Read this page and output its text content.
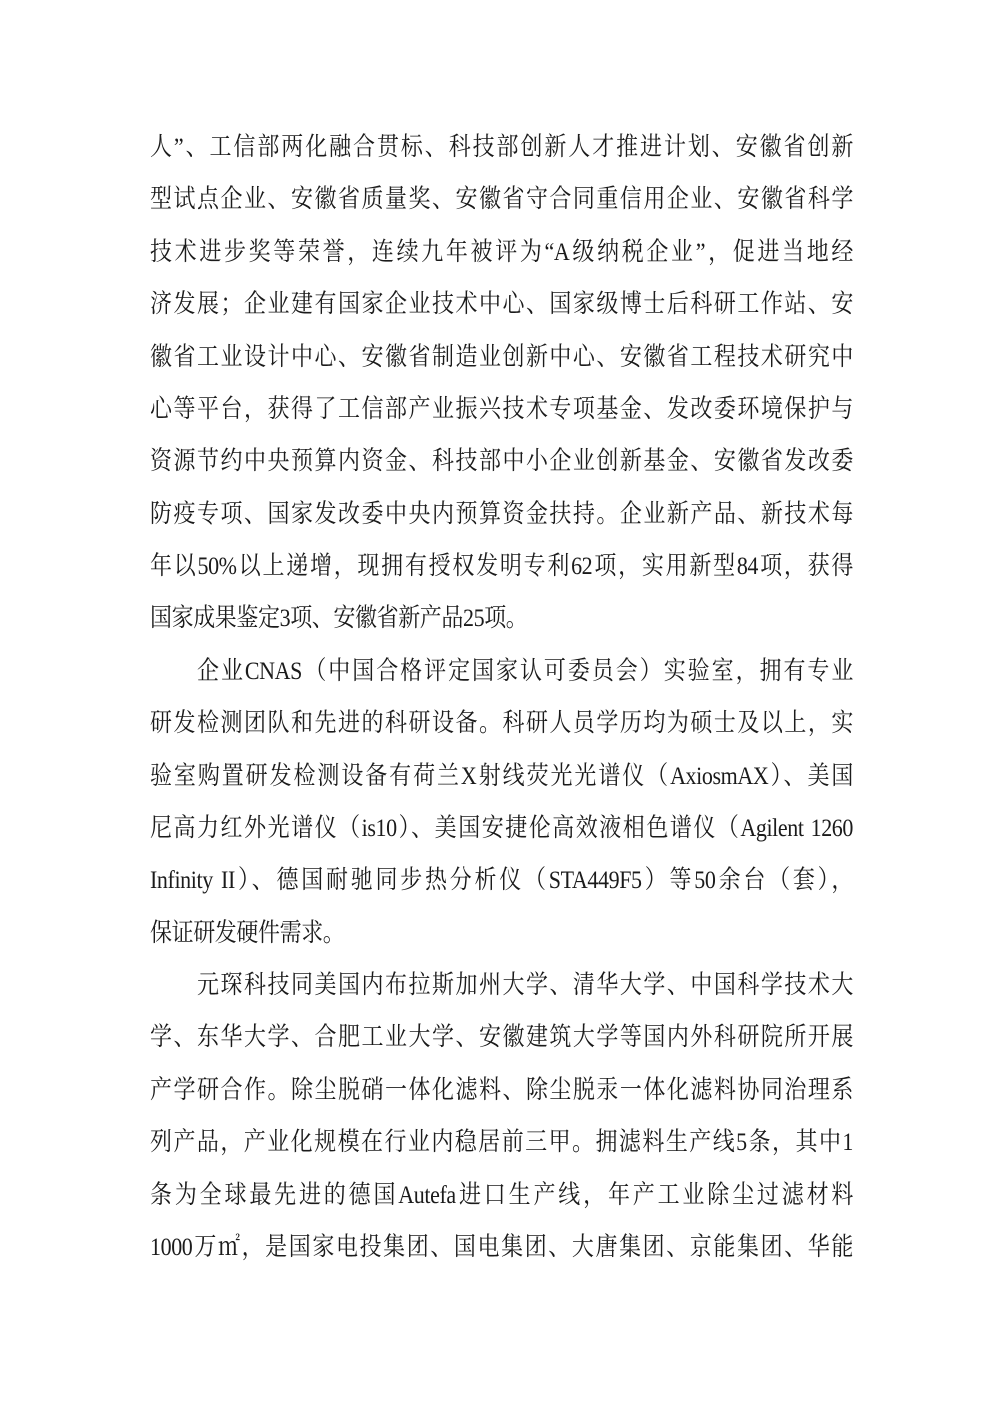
人”、工信部两化融合贯标、科技部创新人才推进计划、安徽省创新
型试点企业、安徽省质量奖、安徽省守合同重信用企业、安徽省科学
技术进步奖等荣誉，连续九年被评为“A级纳税企业”，促进当地经
济发展；企业建有国家企业技术中心、国家级博士后科研工作站、安
徽省工业设计中心、安徽省制造业创新中心、安徽省工程技术研究中
心等平台，获得了工信部产业振兴技术专项基金、发改委环境保护与
资源节约中央预算内资金、科技部中小企业创新基金、安徽省发改委
防疫专项、国家发改委中央内预算资金扶持。企业新产品、新技术每
年以50%以上递增，现拥有授权发明专利62项，实用新型84项，获得
国家成果鉴定3项、安徽省新产品25项。
企业CNAS（中国合格评定国家认可委员会）实验室，拥有专业
研发检测团队和先进的科研设备。科研人员学历均为硕士及以上，实
验室购置研发检测设备有荷兰X射线荧光光谱仪（AxiosmAX）、美国
尼高力红外光谱仪（is10）、美国安捷伦高效液相色谱仪（Agilent 1260
Infinity II）、德国耐驰同步热分析仪（STA449F5）等50余台（套），
保证研发硬件需求。
元琛科技同美国内布拉斯加州大学、清华大学、中国科学技术大
学、东华大学、合肥工业大学、安徽建筑大学等国内外科研院所开展
产学研合作。除尘脱硝一体化滤料、除尘脱汞一体化滤料协同治理系
列产品，产业化规模在行业内稳居前三甲。拥滤料生产线5条，其中1
条为全球最先进的德国Autefa进口生产线，年产工业除尘过滤材料
1000万㎡，是国家电投集团、国电集团、大唐集团、京能集团、华能
